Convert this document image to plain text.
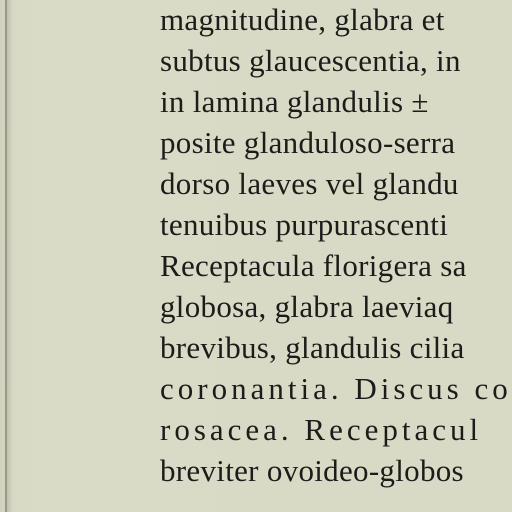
magnitudine, glabra et
subtus glaucescentia, in
in lamina glandulis ±
posite glanduloso-serra
dorso laeves vel glandu
tenuibus purpurascenti
Receptacula florigera sa
globosa, glabra laeviaq
brevibus, glandulis cilia
coronantia. Discus co
rosacea. Receptacul
breviter ovoideo-globos
